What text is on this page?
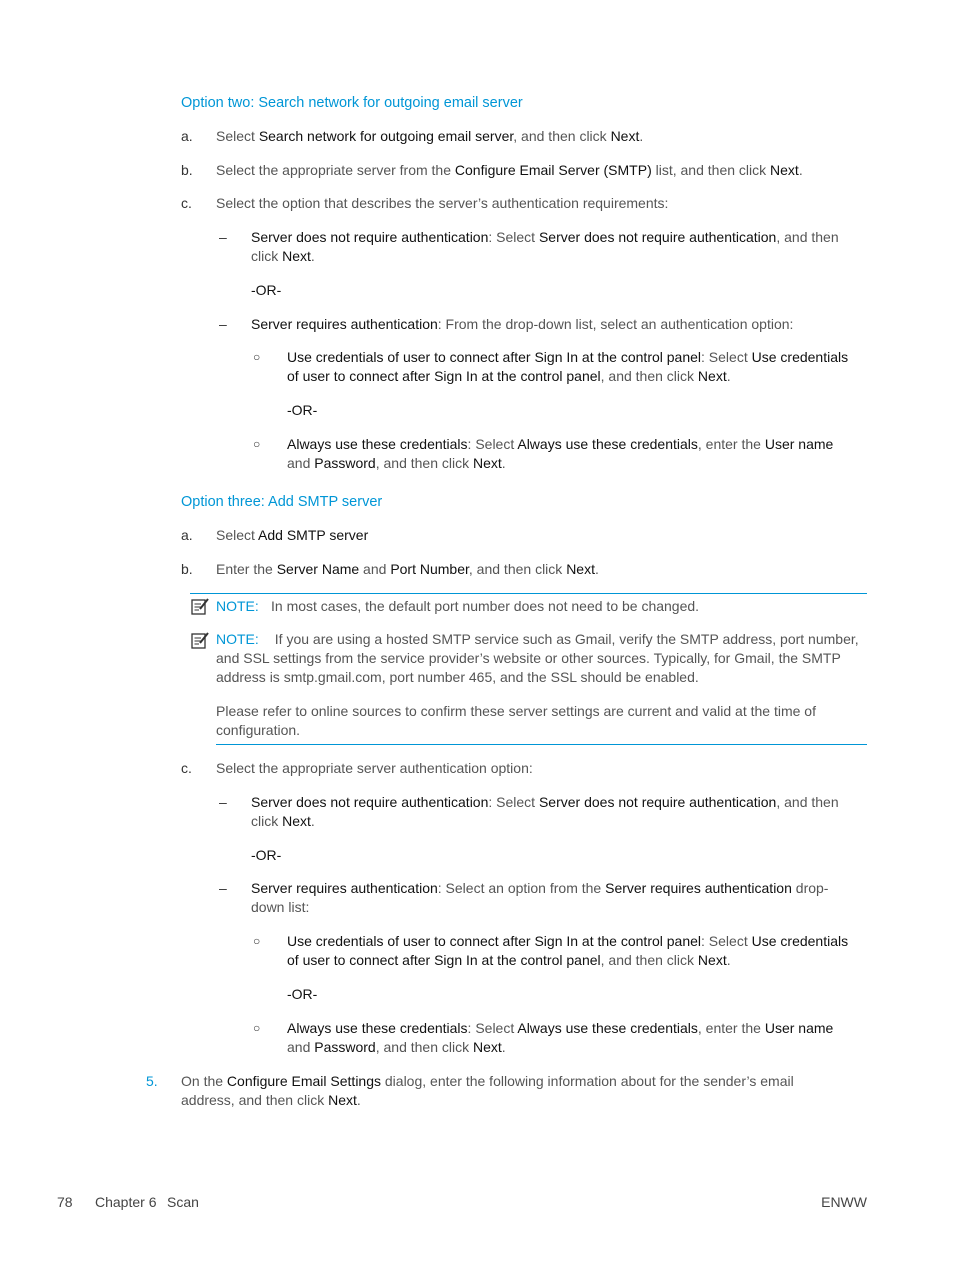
Option two: Search network for outgoing email server
a. Select Search network for outgoing email server, and then click Next.
b. Select the appropriate server from the Configure Email Server (SMTP) list, and then click Next.
c. Select the option that describes the server’s authentication requirements:
– Server does not require authentication: Select Server does not require authentication, and then
click Next.
-OR-
– Server requires authentication: From the drop-down list, select an authentication option:
○ Use credentials of user to connect after Sign In at the control panel: Select Use credentials
of user to connect after Sign In at the control panel, and then click Next.
-OR-
○ Always use these credentials: Select Always use these credentials, enter the User name
and Password, and then click Next.
Option three: Add SMTP server
a. Select Add SMTP server
b. Enter the Server Name and Port Number, and then click Next.
NOTE: In most cases, the default port number does not need to be changed.
NOTE: If you are using a hosted SMTP service such as Gmail, verify the SMTP address, port number,
and SSL settings from the service provider’s website or other sources. Typically, for Gmail, the SMTP
address is smtp.gmail.com, port number 465, and the SSL should be enabled.
Please refer to online sources to confirm these server settings are current and valid at the time of
configuration.
c. Select the appropriate server authentication option:
– Server does not require authentication: Select Server does not require authentication, and then
click Next.
-OR-
– Server requires authentication: Select an option from the Server requires authentication drop-
down list:
○ Use credentials of user to connect after Sign In at the control panel: Select Use credentials
of user to connect after Sign In at the control panel, and then click Next.
-OR-
○ Always use these credentials: Select Always use these credentials, enter the User name
and Password, and then click Next.
5. On the Configure Email Settings dialog, enter the following information about for the sender’s email
address, and then click Next.
78 Chapter 6 Scan	ENWW
